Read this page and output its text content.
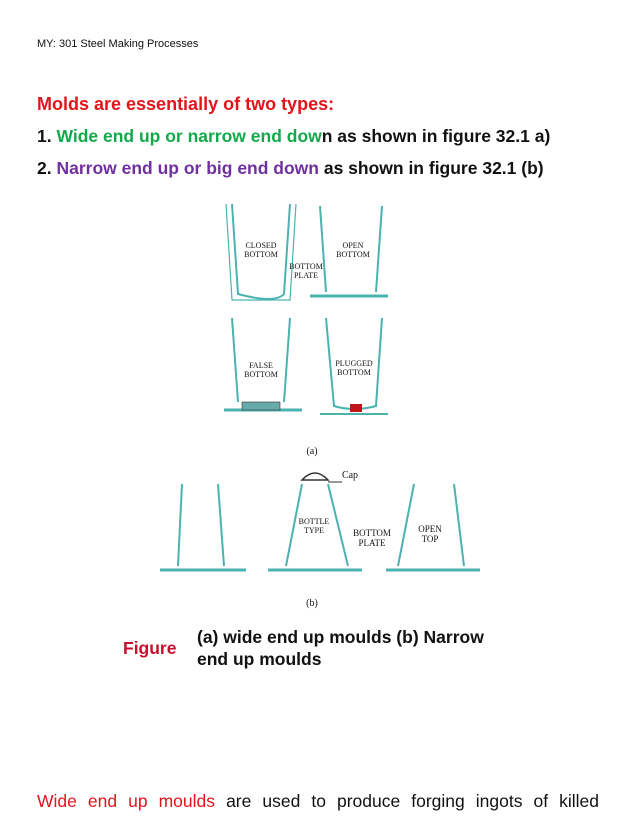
MY: 301 Steel Making Processes
Molds are essentially of two types:
1. Wide end up or narrow end down as shown in figure 32.1 a)
2. Narrow end up or big end down as shown in figure 32.1 (b)
CLOSED
BOTTOM
OPEN
BOTTOM
BOTTOM
PLATE
FALSE
BOTTOM
PLUGGED
BOTTOM
(a)
Cap
BOTTLE
TYPE	BOTTOM
PLATE
OPEN
TOP
(b)
Figure
(a) wide end up moulds (b) Narrow end up moulds
Wide end up moulds are used to produce forging ingots of killed
